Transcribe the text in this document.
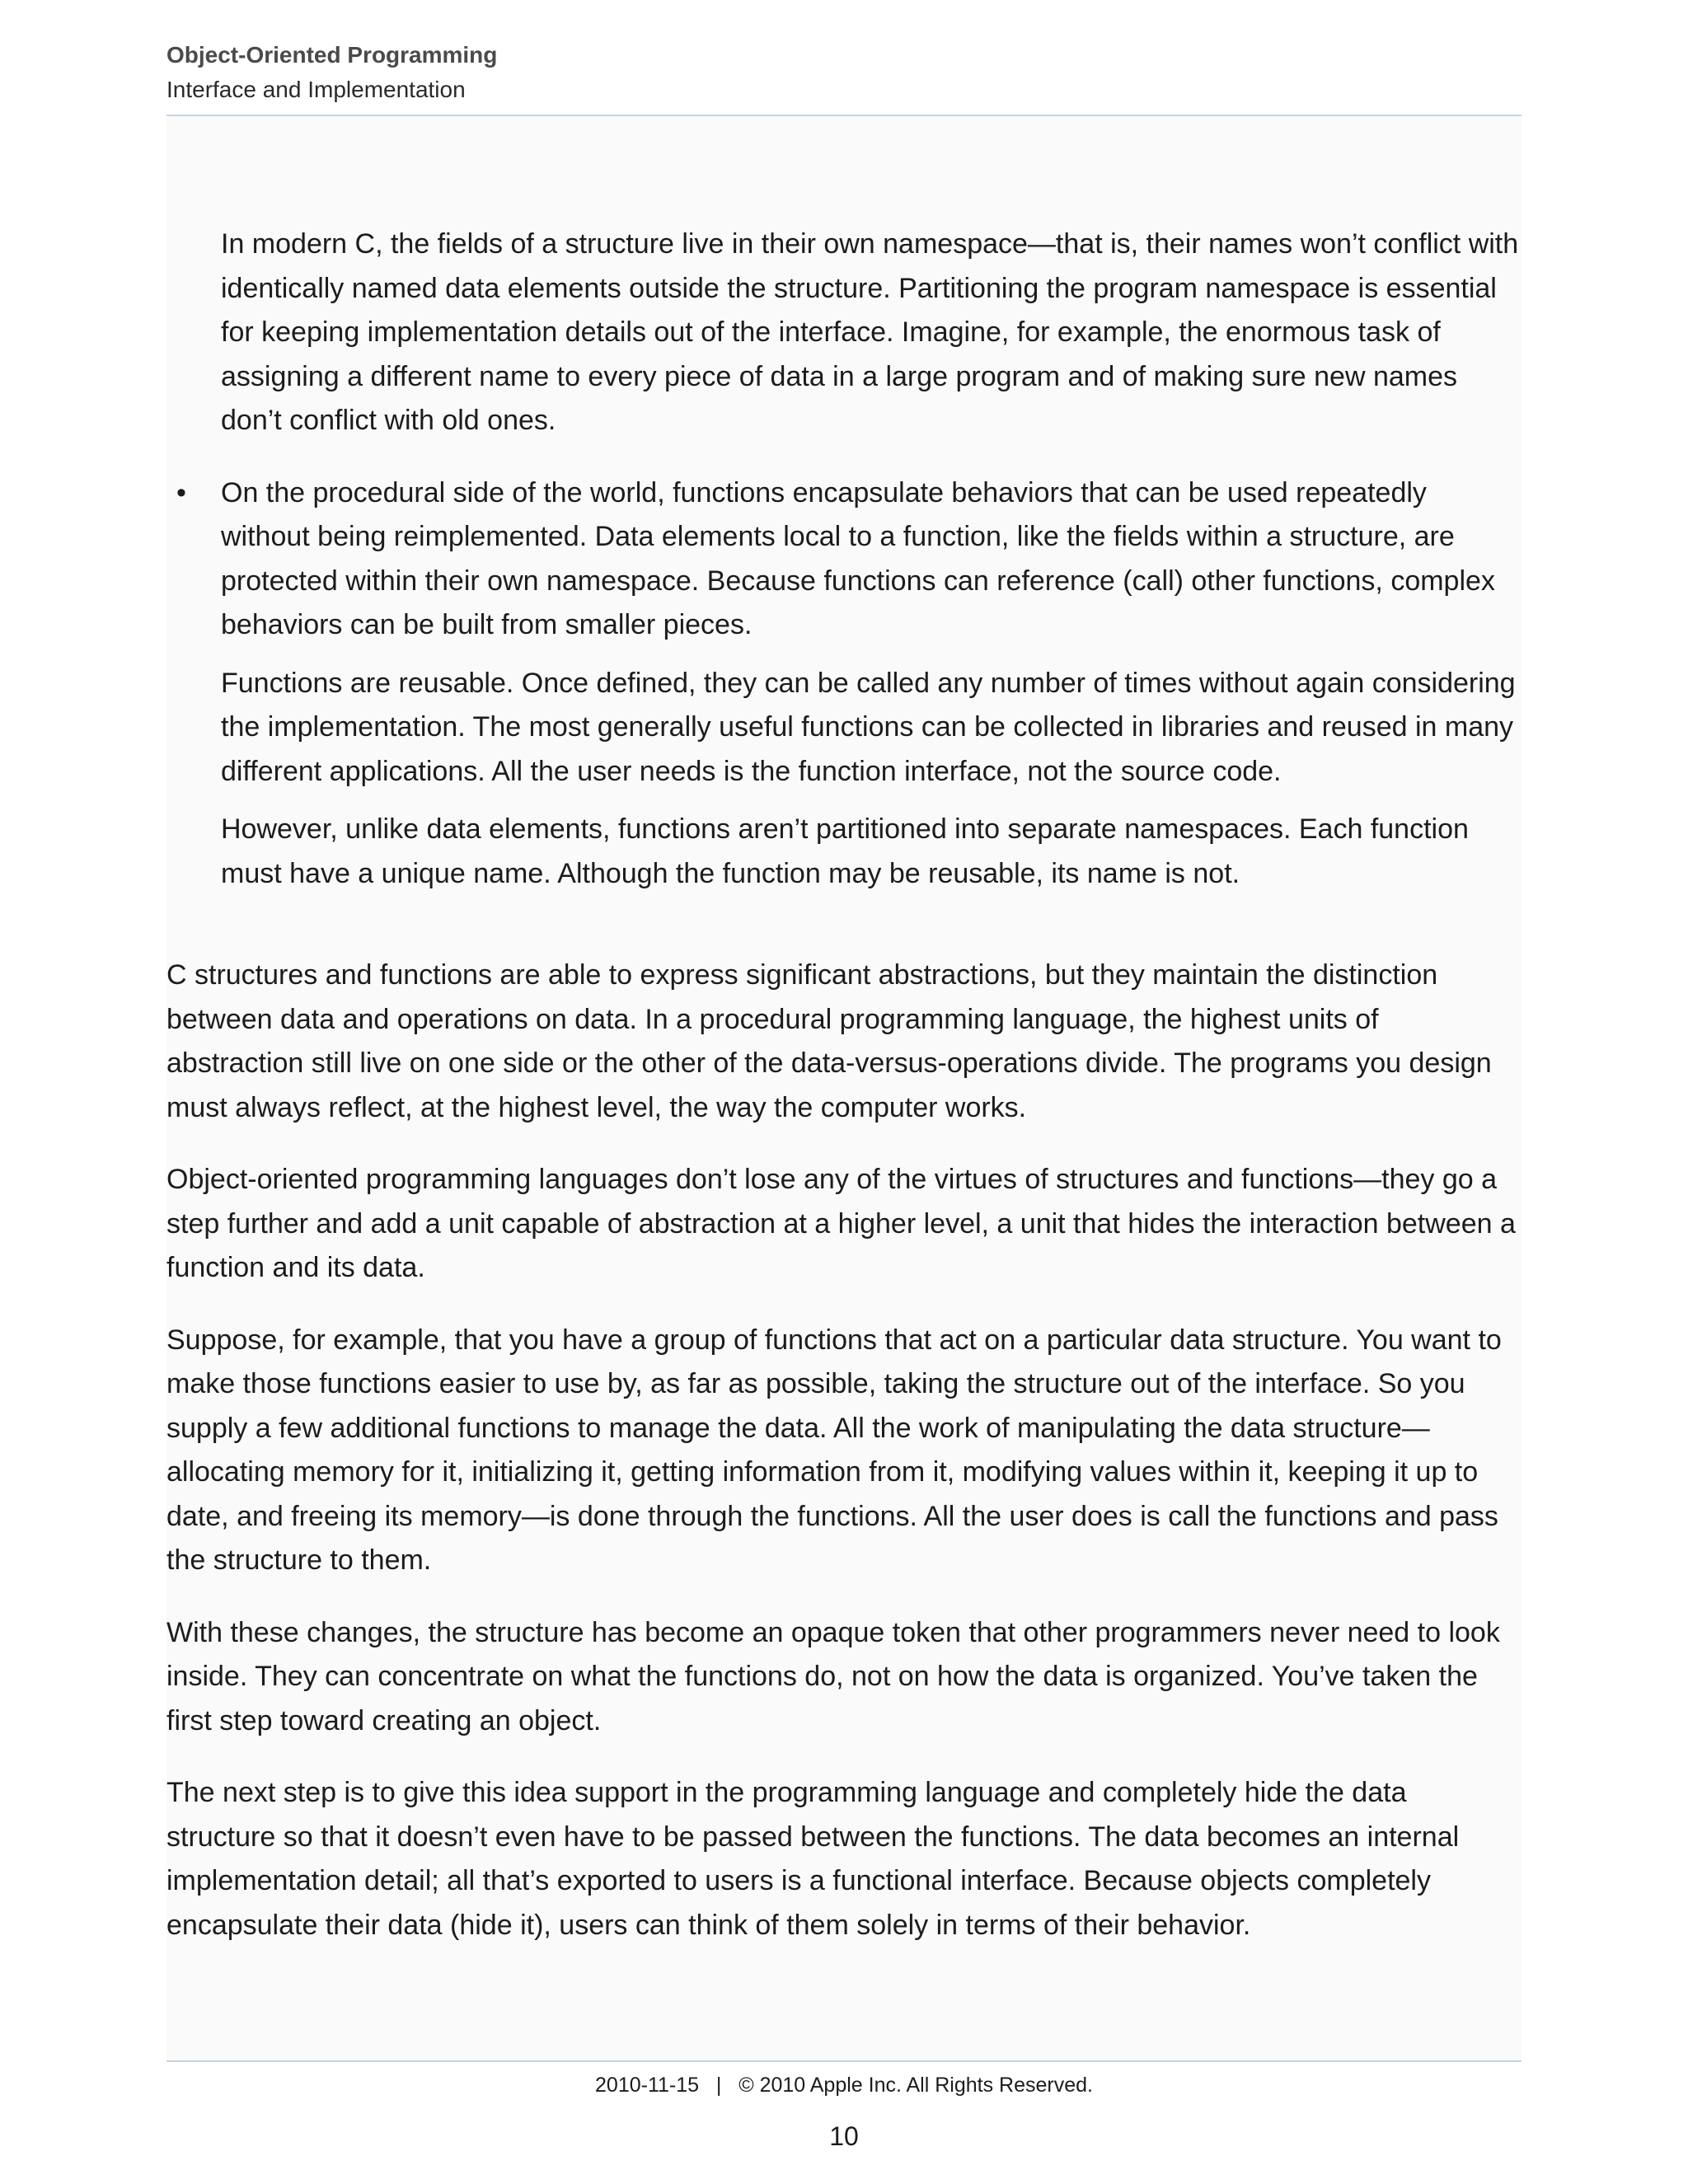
Object-Oriented Programming
Interface and Implementation

In modern C, the fields of a structure live in their own namespace—that is, their names won’t conflict with identically named data elements outside the structure. Partitioning the program namespace is essential for keeping implementation details out of the interface. Imagine, for example, the enormous task of assigning a different name to every piece of data in a large program and of making sure new names don’t conflict with old ones.

• On the procedural side of the world, functions encapsulate behaviors that can be used repeatedly without being reimplemented. Data elements local to a function, like the fields within a structure, are protected within their own namespace. Because functions can reference (call) other functions, complex behaviors can be built from smaller pieces.

Functions are reusable. Once defined, they can be called any number of times without again considering the implementation. The most generally useful functions can be collected in libraries and reused in many different applications. All the user needs is the function interface, not the source code.

However, unlike data elements, functions aren’t partitioned into separate namespaces. Each function must have a unique name. Although the function may be reusable, its name is not.

C structures and functions are able to express significant abstractions, but they maintain the distinction between data and operations on data. In a procedural programming language, the highest units of abstraction still live on one side or the other of the data-versus-operations divide. The programs you design must always reflect, at the highest level, the way the computer works.

Object-oriented programming languages don’t lose any of the virtues of structures and functions—they go a step further and add a unit capable of abstraction at a higher level, a unit that hides the interaction between a function and its data.

Suppose, for example, that you have a group of functions that act on a particular data structure. You want to make those functions easier to use by, as far as possible, taking the structure out of the interface. So you supply a few additional functions to manage the data. All the work of manipulating the data structure—allocating memory for it, initializing it, getting information from it, modifying values within it, keeping it up to date, and freeing its memory—is done through the functions. All the user does is call the functions and pass the structure to them.

With these changes, the structure has become an opaque token that other programmers never need to look inside. They can concentrate on what the functions do, not on how the data is organized. You’ve taken the first step toward creating an object.

The next step is to give this idea support in the programming language and completely hide the data structure so that it doesn’t even have to be passed between the functions. The data becomes an internal implementation detail; all that’s exported to users is a functional interface. Because objects completely encapsulate their data (hide it), users can think of them solely in terms of their behavior.

2010-11-15   |   © 2010 Apple Inc. All Rights Reserved.
10
